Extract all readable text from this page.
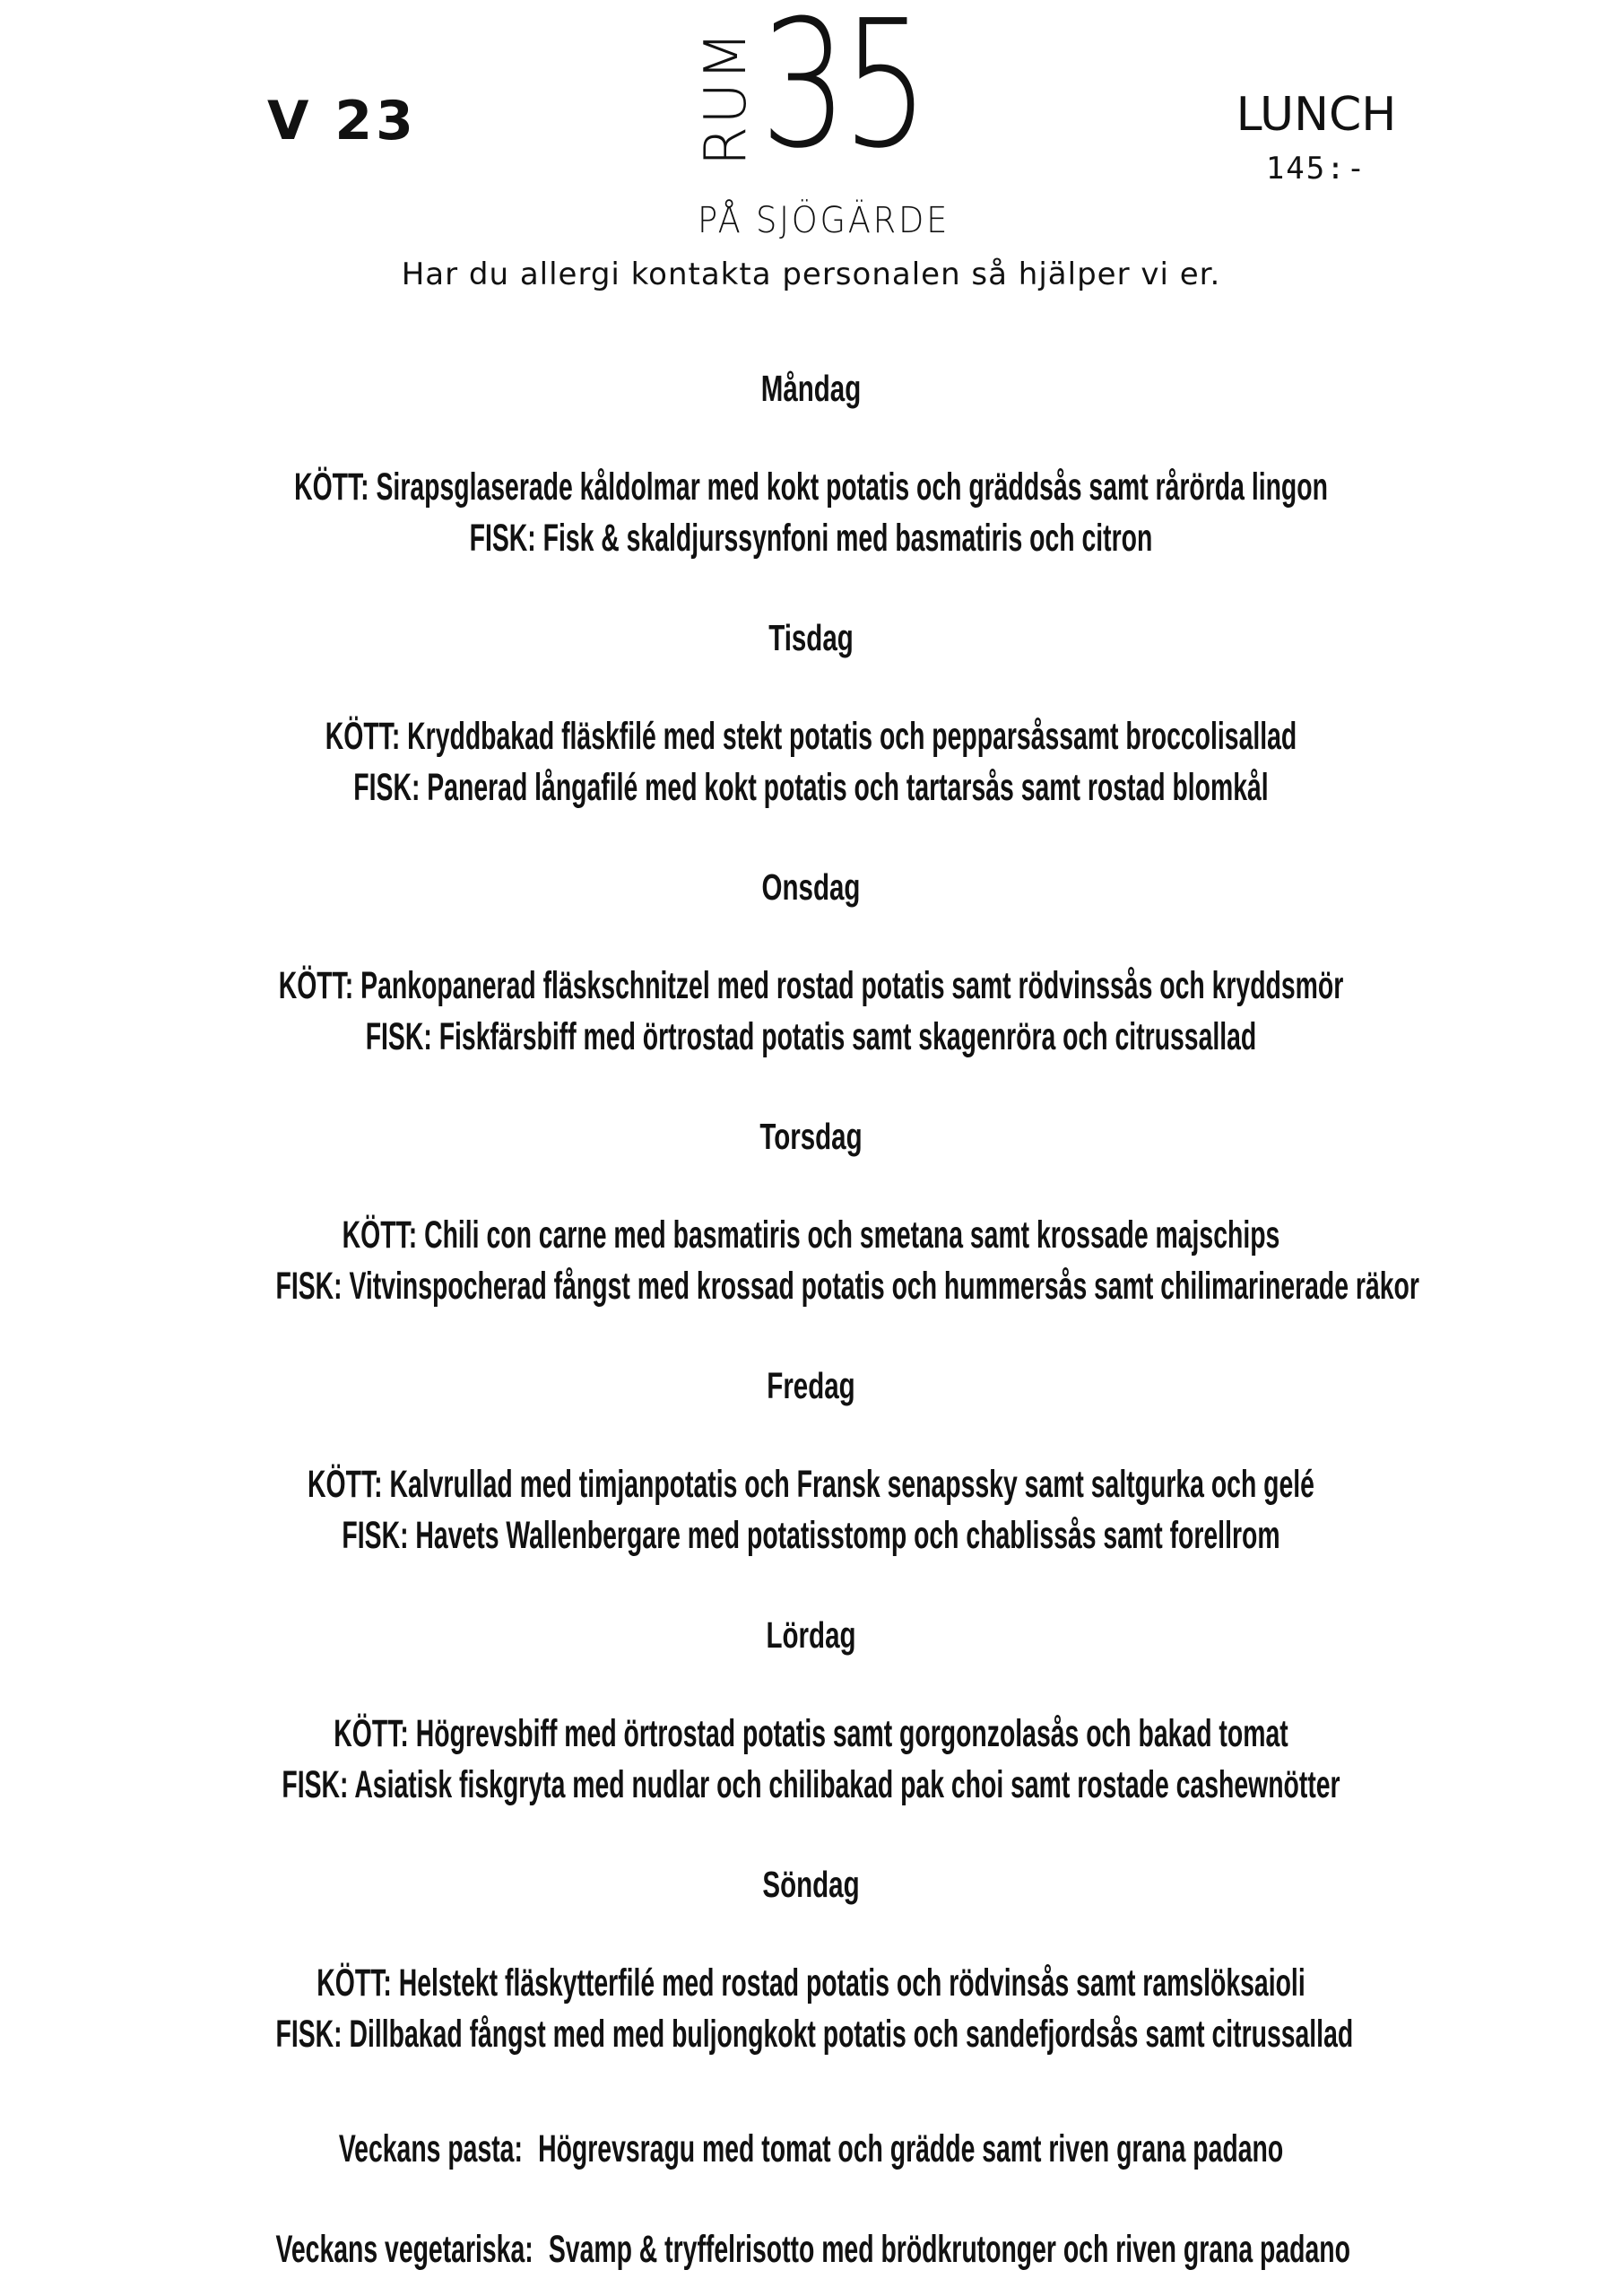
V 23	RUM 35
PÅ SJÖGÄRDE
LUNCH
145:-
Har du allergi kontakta personalen så hjälper vi er.
Måndag
KÖTT: Sirapsglaserade kåldolmar med kokt potatis och gräddsås samt rårörda lingon
FISK: Fisk & skaldjurssynfoni med basmatiris och citron
Tisdag
KÖTT: Kryddbakad fläskfilé med stekt potatis och pepparsåssamt broccolisallad
FISK: Panerad långafilé med kokt potatis och tartarsås samt rostad blomkål
Onsdag
KÖTT: Pankopanerad fläskschnitzel med rostad potatis samt rödvinssås och kryddsmör
FISK: Fiskfärsbiff med örtrostad potatis samt skagenröra och citrussallad
Torsdag
KÖTT: Chili con carne med basmatiris och smetana samt krossade majschips
FISK: Vitvinspocherad fångst med krossad potatis och hummersås samt chilimarinerade räkor
Fredag
KÖTT: Kalvrullad med timjanpotatis och Fransk senapssky samt saltgurka och gelé
FISK: Havets Wallenbergare med potatisstomp och chablissås samt forellrom
Lördag
KÖTT: Högrevsbiff med örtrostad potatis samt gorgonzolasås och bakad tomat
FISK: Asiatisk fiskgryta med nudlar och chilibakad pak choi samt rostade cashewnötter
Söndag
KÖTT: Helstekt fläskytterfilé med rostad potatis och rödvinsås samt ramslöksaioli
FISK: Dillbakad fångst med med buljongkokt potatis och sandefjordsås samt citrussallad
Veckans pasta: Högrevsragu med tomat och grädde samt riven grana padano
Veckans vegetariska: Svamp & tryffelrisotto med brödkrutonger och riven grana padano
